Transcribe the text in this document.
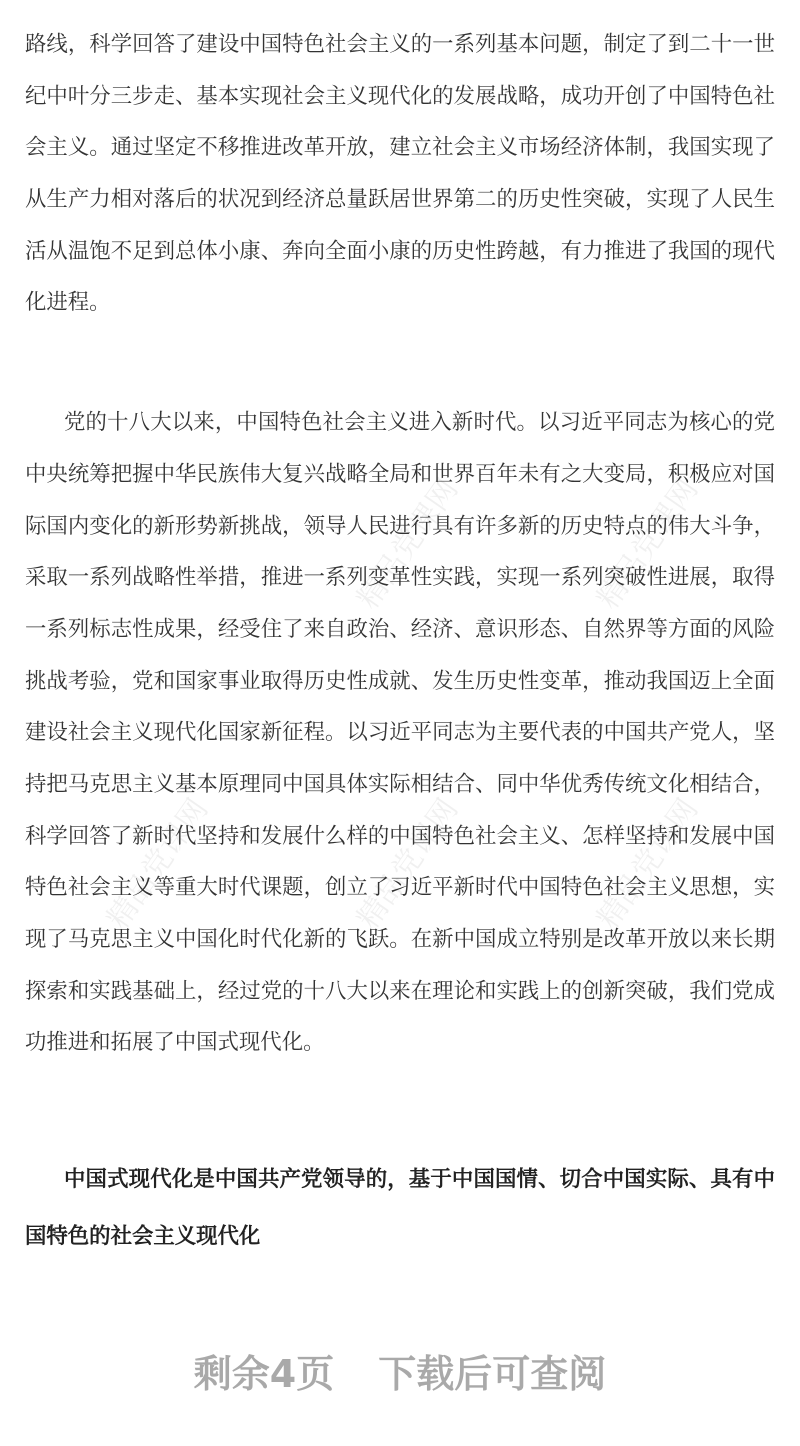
精品党课网	精品党课网
精品党课网	精品党课网	精品党课网
路线，科学回答了建设中国特色社会主义的一系列基本问题，制定了到二十一世
纪中叶分三步走、基本实现社会主义现代化的发展战略，成功开创了中国特色社
会主义。通过坚定不移推进改革开放，建立社会主义市场经济体制，我国实现了
从生产力相对落后的状况到经济总量跃居世界第二的历史性突破，实现了人民生
活从温饱不足到总体小康、奔向全面小康的历史性跨越，有力推进了我国的现代
化进程。
党的十八大以来，中国特色社会主义进入新时代。以习近平同志为核心的党
中央统筹把握中华民族伟大复兴战略全局和世界百年未有之大变局，积极应对国
际国内变化的新形势新挑战，领导人民进行具有许多新的历史特点的伟大斗争，
采取一系列战略性举措，推进一系列变革性实践，实现一系列突破性进展，取得
一系列标志性成果，经受住了来自政治、经济、意识形态、自然界等方面的风险
挑战考验，党和国家事业取得历史性成就、发生历史性变革，推动我国迈上全面
建设社会主义现代化国家新征程。以习近平同志为主要代表的中国共产党人，坚
持把马克思主义基本原理同中国具体实际相结合、同中华优秀传统文化相结合，
科学回答了新时代坚持和发展什么样的中国特色社会主义、怎样坚持和发展中国
特色社会主义等重大时代课题，创立了习近平新时代中国特色社会主义思想，实
现了马克思主义中国化时代化新的飞跃。在新中国成立特别是改革开放以来长期
探索和实践基础上，经过党的十八大以来在理论和实践上的创新突破，我们党成
功推进和拓展了中国式现代化。
中国式现代化是中国共产党领导的，基于中国国情、切合中国实际、具有中
国特色的社会主义现代化
剩余4页 下载后可查阅
